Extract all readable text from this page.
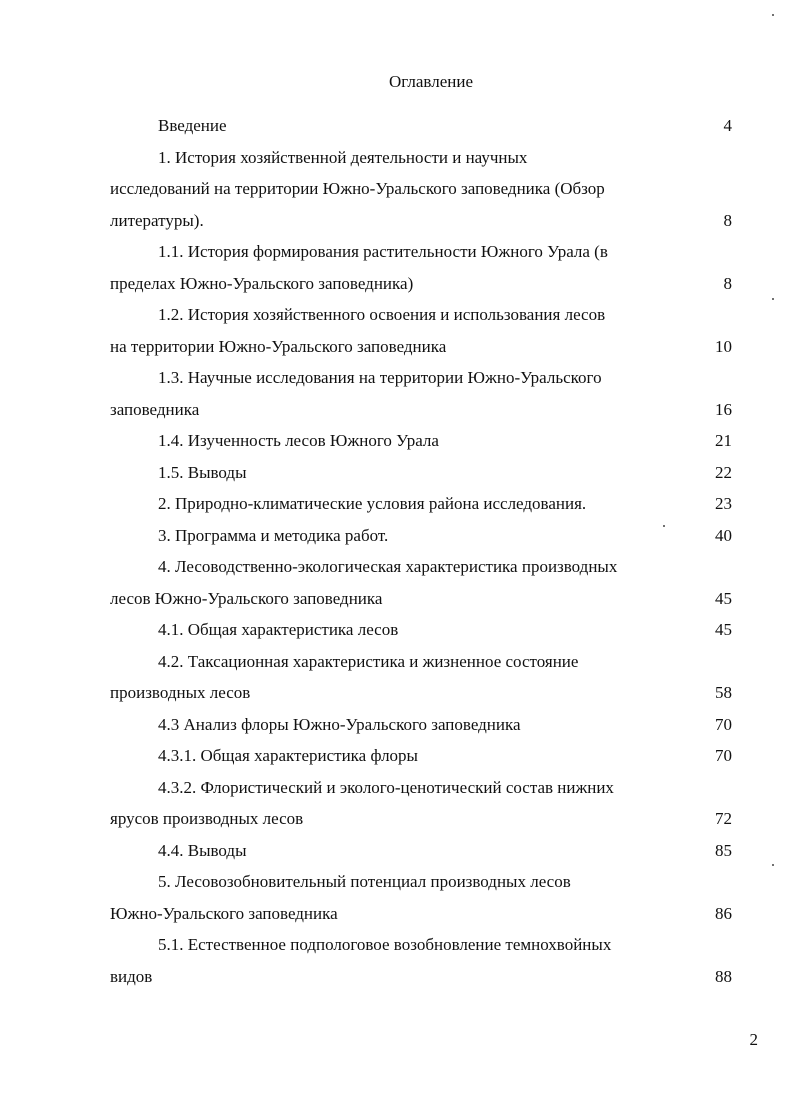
Оглавление
Введение	4
1. История хозяйственной деятельности и научных
исследований на территории Южно-Уральского заповедника (Обзор
литературы).	8
1.1. История формирования растительности Южного Урала (в
пределах Южно-Уральского заповедника)	8
1.2. История хозяйственного освоения и использования лесов
на территории Южно-Уральского заповедника	10
1.3. Научные исследования на территории Южно-Уральского
заповедника	16
1.4. Изученность лесов Южного Урала	21
1.5. Выводы	22
2. Природно-климатические условия района исследования.	23
3. Программа и методика работ.	40
4. Лесоводственно-экологическая характеристика производных
лесов Южно-Уральского заповедника	45
4.1. Общая характеристика лесов	45
4.2. Таксационная характеристика и жизненное состояние
производных лесов	58
4.3 Анализ флоры Южно-Уральского заповедника	70
4.3.1. Общая характеристика флоры	70
4.3.2. Флористический и эколого-ценотический состав нижних
ярусов производных лесов	72
4.4. Выводы	85
5. Лесовозобновительный потенциал производных лесов
Южно-Уральского заповедника	86
5.1. Естественное подпологовое возобновление темнохвойных
видов	88
2
